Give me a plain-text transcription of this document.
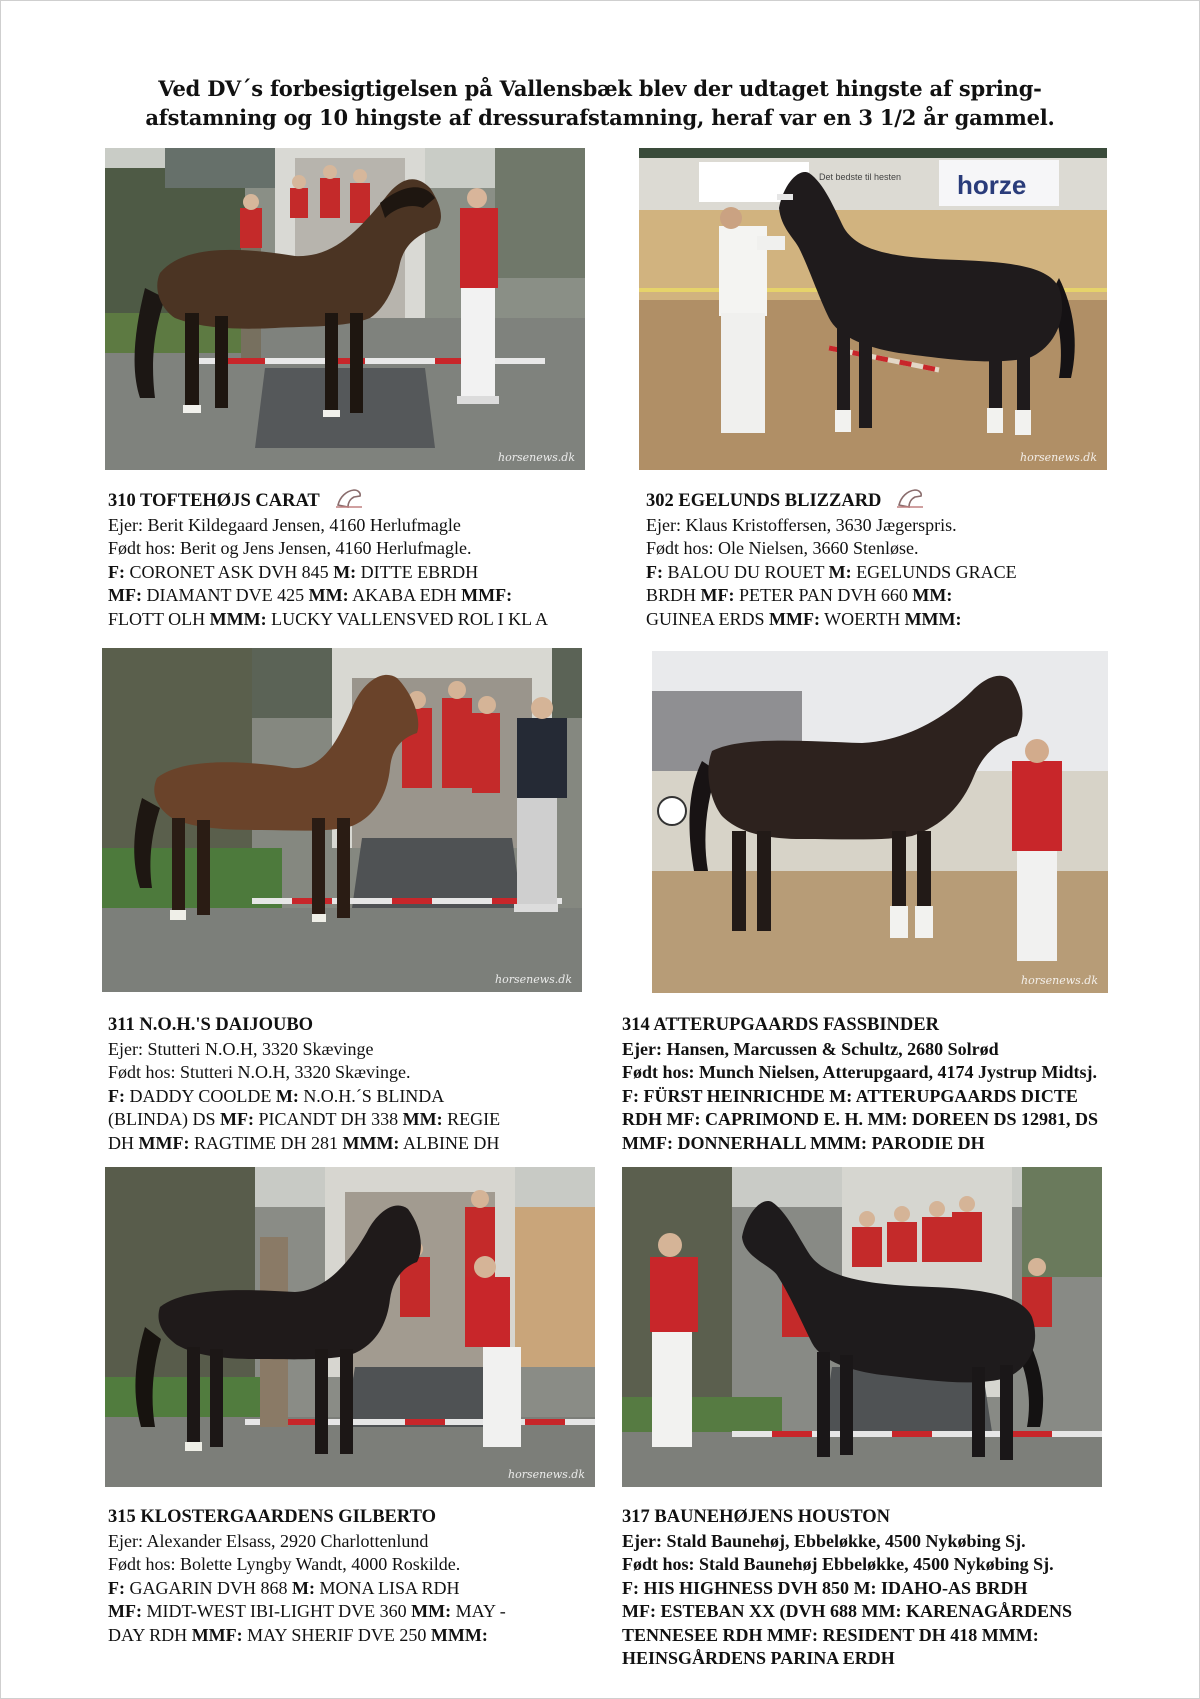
Ved DV´s forbesigtigelsen på Vallensbæk blev der udtaget hingste af spring-
afstamning og 10 hingste af dressurafstamning, heraf var en 3 1/2 år gammel.
horsenews.dk
horze
Det bedste til hesten
horsenews.dk
310 TOFTEHØJS CARAT
Ejer: Berit Kildegaard Jensen, 4160 Herlufmagle
Født hos: Berit og Jens Jensen, 4160 Herlufmagle.
F: CORONET ASK DVH 845 M: DITTE EBRDH
MF: DIAMANT DVE 425 MM: AKABA EDH MMF:
FLOTT OLH MMM: LUCKY VALLENSVED ROL I KL A
302 EGELUNDS BLIZZARD
Ejer: Klaus Kristoffersen, 3630 Jægerspris.
Født hos: Ole Nielsen, 3660 Stenløse.
F: BALOU DU ROUET M: EGELUNDS GRACE
BRDH MF: PETER PAN DVH 660 MM:
GUINEA ERDS MMF: WOERTH MMM:
horsenews.dk	horsenews.dk
311 N.O.H.'S DAIJOUBO
Ejer: Stutteri N.O.H, 3320 Skævinge
Født hos: Stutteri N.O.H, 3320 Skævinge.
F: DADDY COOLDE M: N.O.H.´S BLINDA
(BLINDA) DS MF: PICANDT DH 338 MM: REGIE
DH MMF: RAGTIME DH 281 MMM: ALBINE DH
314 ATTERUPGAARDS FASSBINDER
Ejer: Hansen, Marcussen & Schultz, 2680 Solrød
Født hos: Munch Nielsen, Atterupgaard, 4174 Jystrup Midtsj.
F: FÜRST HEINRICHDE M: ATTERUPGAARDS DICTE
RDH MF: CAPRIMOND E. H. MM: DOREEN DS 12981, DS
MMF: DONNERHALL MMM: PARODIE DH
horsenews.dk
315 KLOSTERGAARDENS GILBERTO
Ejer: Alexander Elsass, 2920 Charlottenlund
Født hos: Bolette Lyngby Wandt, 4000 Roskilde.
F: GAGARIN DVH 868 M: MONA LISA RDH
MF: MIDT-WEST IBI-LIGHT DVE 360 MM: MAY -
DAY RDH MMF: MAY SHERIF DVE 250 MMM:
317 BAUNEHØJENS HOUSTON
Ejer: Stald Baunehøj, Ebbeløkke, 4500 Nykøbing Sj.
Født hos: Stald Baunehøj Ebbeløkke, 4500 Nykøbing Sj.
F: HIS HIGHNESS DVH 850 M: IDAHO-AS BRDH
MF: ESTEBAN XX (DVH 688 MM: KARENAGÅRDENS
TENNESEE RDH MMF: RESIDENT DH 418 MMM:
HEINSGÅRDENS PARINA ERDH
